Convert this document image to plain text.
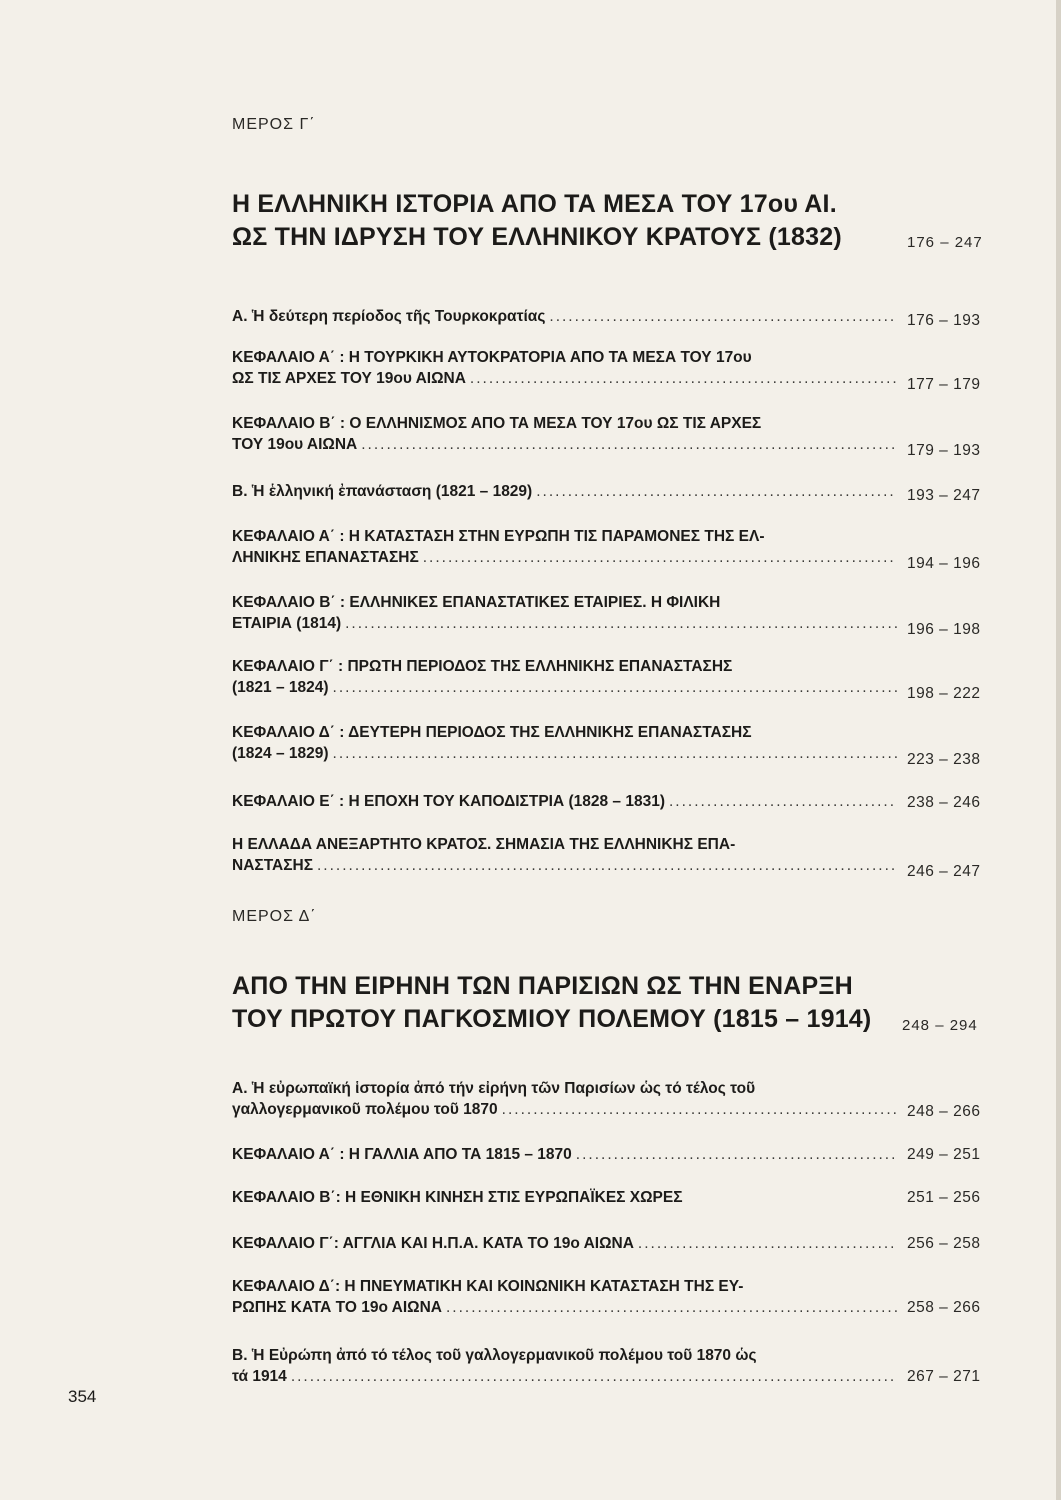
ΜΕΡΟΣ Γ΄
Η ΕΛΛΗΝΙΚΗ ΙΣΤΟΡΙΑ ΑΠΟ ΤΑ ΜΕΣΑ ΤΟΥ 17ου ΑΙ.
ΩΣ ΤΗΝ ΙΔΡΥΣΗ ΤΟΥ ΕΛΛΗΝΙΚΟΥ ΚΡΑΤΟΥΣ (1832)	176 – 247
Α. Ἡ δεύτερη περίοδος τῆς Τουρκοκρατίας .....	176 – 193
ΚΕΦΑΛΑΙΟ Α΄ : Η ΤΟΥΡΚΙΚΗ ΑΥΤΟΚΡΑΤΟΡΙΑ ΑΠΟ ΤΑ ΜΕΣΑ ΤΟΥ 17ου
ΩΣ ΤΙΣ ΑΡΧΕΣ ΤΟΥ 19ου ΑΙΩΝΑ .....	177 – 179
ΚΕΦΑΛΑΙΟ Β΄ : Ο ΕΛΛΗΝΙΣΜΟΣ ΑΠΟ ΤΑ ΜΕΣΑ ΤΟΥ 17ου ΩΣ ΤΙΣ ΑΡΧΕΣ
ΤΟΥ 19ου ΑΙΩΝΑ .....	179 – 193
Β. Ἡ ἑλληνική ἐπανάσταση (1821 – 1829) .....	193 – 247
ΚΕΦΑΛΑΙΟ Α΄ : Η ΚΑΤΑΣΤΑΣΗ ΣΤΗΝ ΕΥΡΩΠΗ ΤΙΣ ΠΑΡΑΜΟΝΕΣ ΤΗΣ ΕΛ-
ΛΗΝΙΚΗΣ ΕΠΑΝΑΣΤΑΣΗΣ .....	194 – 196
ΚΕΦΑΛΑΙΟ Β΄ : ΕΛΛΗΝΙΚΕΣ ΕΠΑΝΑΣΤΑΤΙΚΕΣ ΕΤΑΙΡΙΕΣ. Η ΦΙΛΙΚΗ
ΕΤΑΙΡΙΑ (1814) .....	196 – 198
ΚΕΦΑΛΑΙΟ Γ΄ : ΠΡΩΤΗ ΠΕΡΙΟΔΟΣ ΤΗΣ ΕΛΛΗΝΙΚΗΣ ΕΠΑΝΑΣΤΑΣΗΣ
(1821 – 1824) .....	198 – 222
ΚΕΦΑΛΑΙΟ Δ΄ : ΔΕΥΤΕΡΗ ΠΕΡΙΟΔΟΣ ΤΗΣ ΕΛΛΗΝΙΚΗΣ ΕΠΑΝΑΣΤΑΣΗΣ
(1824 – 1829) .....	223 – 238
ΚΕΦΑΛΑΙΟ Ε΄ : Η ΕΠΟΧΗ ΤΟΥ ΚΑΠΟΔΙΣΤΡΙΑ (1828 – 1831) .....	238 – 246
Η ΕΛΛΑΔΑ ΑΝΕΞΑΡΤΗΤΟ ΚΡΑΤΟΣ. ΣΗΜΑΣΙΑ ΤΗΣ ΕΛΛΗΝΙΚΗΣ ΕΠΑ-
ΝΑΣΤΑΣΗΣ .....	246 – 247
ΜΕΡΟΣ Δ΄
ΑΠΟ ΤΗΝ ΕΙΡΗΝΗ ΤΩΝ ΠΑΡΙΣΙΩΝ ΩΣ ΤΗΝ ΕΝΑΡΞΗ
ΤΟΥ ΠΡΩΤΟΥ ΠΑΓΚΟΣΜΙΟΥ ΠΟΛΕΜΟΥ (1815 – 1914) 248 – 294
Α. Ἡ εὐρωπαϊκή ἱστορία ἀπό τήν εἰρήνη τῶν Παρισίων ὡς τό τέλος τοῦ
γαλλογερμανικοῦ πολέμου τοῦ 1870 .....	248 – 266
ΚΕΦΑΛΑΙΟ Α΄ : Η ΓΑΛΛΙΑ ΑΠΟ ΤΑ 1815 – 1870 .....	249 – 251
ΚΕΦΑΛΑΙΟ Β΄: Η ΕΘΝΙΚΗ ΚΙΝΗΣΗ ΣΤΙΣ ΕΥΡΩΠΑΪΚΕΣ ΧΩΡΕΣ	251 – 256
ΚΕΦΑΛΑΙΟ Γ΄: ΑΓΓΛΙΑ ΚΑΙ Η.Π.Α. ΚΑΤΑ ΤΟ 19ο ΑΙΩΝΑ .....	256 – 258
ΚΕΦΑΛΑΙΟ Δ΄: Η ΠΝΕΥΜΑΤΙΚΗ ΚΑΙ ΚΟΙΝΩΝΙΚΗ ΚΑΤΑΣΤΑΣΗ ΤΗΣ ΕΥ-
ΡΩΠΗΣ ΚΑΤΑ ΤΟ 19ο ΑΙΩΝΑ .....	258 – 266
Β. Ἡ Εὐρώπη ἀπό τό τέλος τοῦ γαλλογερμανικοῦ πολέμου τοῦ 1870 ὡς
τά 1914 .....	267 – 271
354
